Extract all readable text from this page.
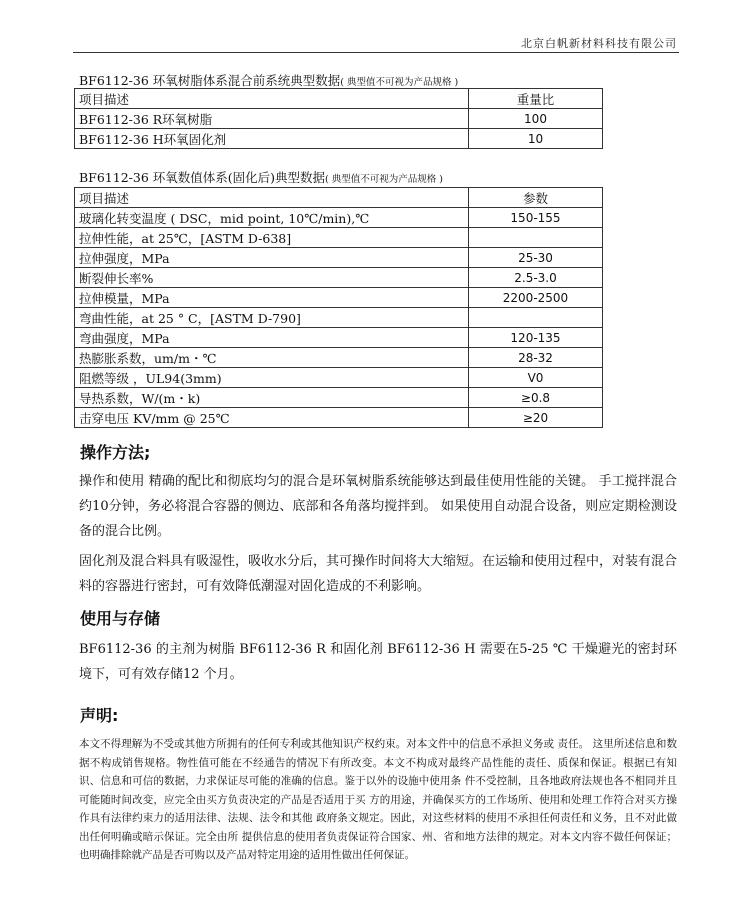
北京白帆新材料科技有限公司
BF6112-36 环氧树脂体系混合前系统典型数据( 典型值不可视为产品规格 )
项目描述	重量比
BF6112-36 R环氧树脂	100
BF6112-36 H环氧固化剂	10
BF6112-36 环氧数值体系(固化后)典型数据( 典型值不可视为产品规格 )
项目描述	参数
玻璃化转变温度 ( DSC，mid point, 10℃/min),℃	150-155
拉伸性能，at 25℃，[ASTM D-638]	
拉伸强度，MPa	25-30
断裂伸长率%	2.5-3.0
拉伸模量，MPa	2200-2500
弯曲性能，at 25 ° C，[ASTM D-790]	
弯曲强度，MPa	120-135
热膨胀系数，um/m・℃	28-32
阻燃等级 ，UL94(3mm)	V0
导热系数，W/(m・k)	≥0.8
击穿电压 KV/mm @ 25℃	≥20
操作方法;

操作和使用 精确的配比和彻底均匀的混合是环氧树脂系统能够达到最佳使用性能的关键。 手工搅拌混合约10分钟，务必将混合容器的侧边、底部和各角落均搅拌到。 如果使用自动混合设备，则应定期检测设备的混合比例。

固化剂及混合料具有吸湿性，吸收水分后，其可操作时间将大大缩短。在运输和使用过程中，对装有混合料的容器进行密封，可有效降低潮湿对固化造成的不利影响。

使用与存储

BF6112-36 的主剂为树脂 BF6112-36 R 和固化剂 BF6112-36 H 需要在5-25 ℃ 干燥避光的密封环境下，可有效存储12 个月。

声明:

本文不得理解为不受或其他方所拥有的任何专利或其他知识产权约束。对本文件中的信息不承担义务或 责任。 这里所述信息和数据不构成销售规格。物性值可能在不经通告的情况下有所改变。本文不构成对最终产品性能的责任、质保和保证。根据已有知识、信息和可信的数据，力求保证尽可能的准确的信息。鉴于以外的设施中使用条 件不受控制，且各地政府法规也各不相同并且可能随时间改变，应完全由买方负责决定的产品是否适用于买 方的用途，并确保买方的工作场所、使用和处理工作符合对买方操作具有法律约束力的适用法律、法规、法令和其他 政府条文规定。因此，对这些材料的使用不承担任何责任和义务，且不对此做出任何明确或暗示保证。完全由所 提供信息的使用者负责保证符合国家、州、省和地方法律的规定。对本文内容不做任何保证；也明确排除就产品是否可购以及产品对特定用途的适用性做出任何保证。
